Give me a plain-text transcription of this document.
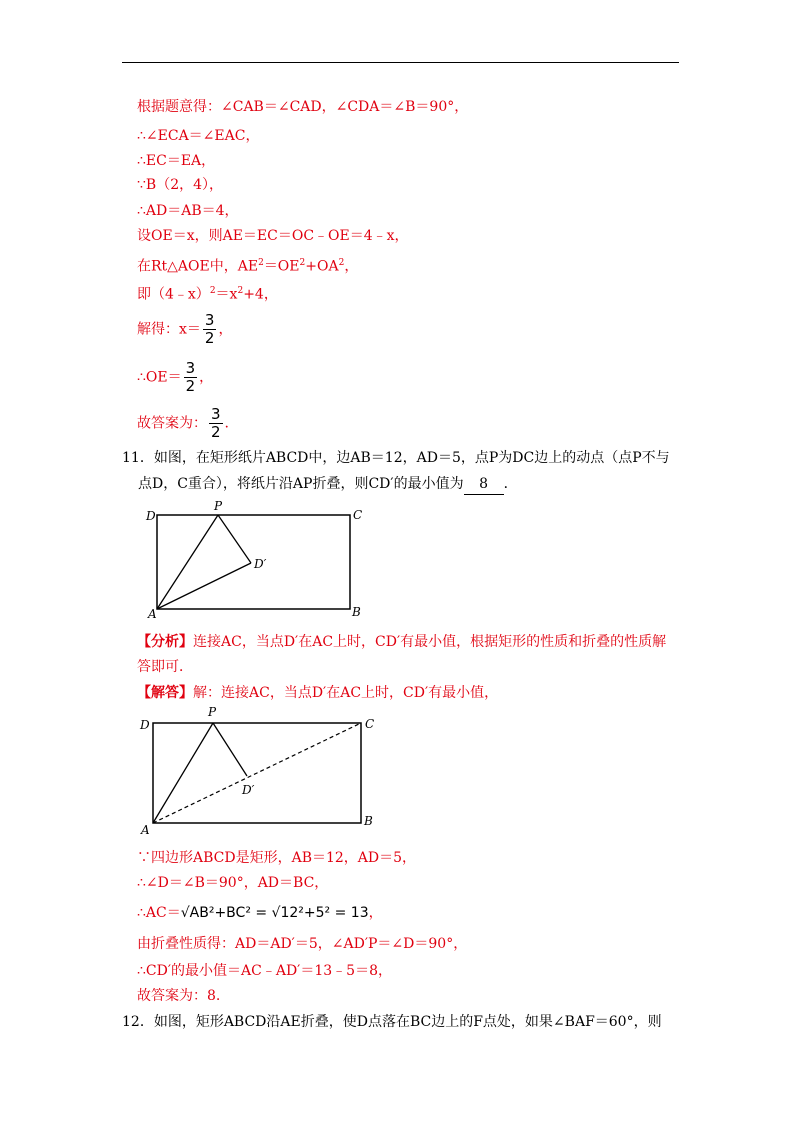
根据题意得：∠CAB＝∠CAD，∠CDA＝∠B＝90°，
∴∠ECA＝∠EAC，
∴EC＝EA，
∵B（2，4），
∴AD＝AB＝4，
设OE＝x，则AE＝EC＝OC﹣OE＝4﹣x，
在Rt△AOE中，$AE^2=OE^2+OA^2$，
即$(4﹣x)^2=x^2+4$，
解得：$x= \frac{3}{2}$ ，
∴OE＝ $\frac{3}{2}$ ，
故答案为： $\frac{3}{2}$ .
11．如图，在矩形纸片ABCD中，边AB＝12，AD＝5，点P为DC边上的动点（点P不与
点D，C重合），将纸片沿AP折叠，则CD′的最小值为 8 ．
D
P
C
D′
A	B
【分析】连接AC，当点D′在AC上时，CD′有最小值，根据矩形的性质和折叠的性质解
答即可．
【解答】解：连接AC，当点D′在AC上时，CD′有最小值，
D
P
C
D′
A
B
∵四边形ABCD是矩形，AB＝12，AD＝5，
∴∠D＝∠B＝90°，AD＝BC，
∴AC＝√AB²+BC² = √12²+5² = 13，
由折叠性质得：AD＝AD′＝5，∠AD′P＝∠D＝90°，
∴CD′的最小值＝AC﹣AD′＝13﹣5＝8，
故答案为：8.
12．如图，矩形ABCD沿AE折叠，使D点落在BC边上的F点处，如果∠BAF＝60°，则
